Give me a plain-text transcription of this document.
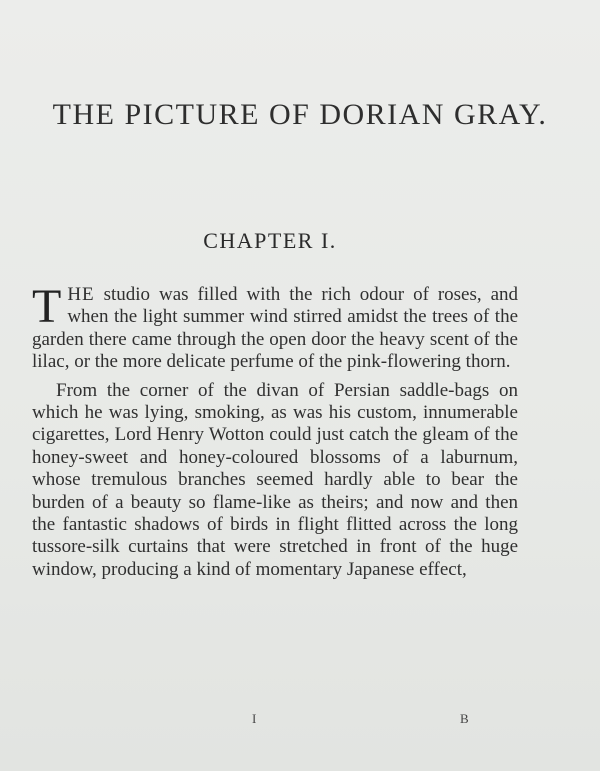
THE PICTURE OF DORIAN GRAY.
CHAPTER I.

THE studio was filled with the rich odour of roses, and when the light summer wind stirred amidst the trees of the garden there came through the open door the heavy scent of the lilac, or the more delicate perfume of the pink-flowering thorn.

From the corner of the divan of Persian saddle-bags on which he was lying, smoking, as was his custom, innumerable cigarettes, Lord Henry Wotton could just catch the gleam of the honey-sweet and honey-coloured blossoms of a laburnum, whose tremulous branches seemed hardly able to bear the burden of a beauty so flame-like as theirs; and now and then the fantastic shadows of birds in flight flitted across the long tussore-silk curtains that were stretched in front of the huge window, producing a kind of momentary Japanese effect,

I	B
